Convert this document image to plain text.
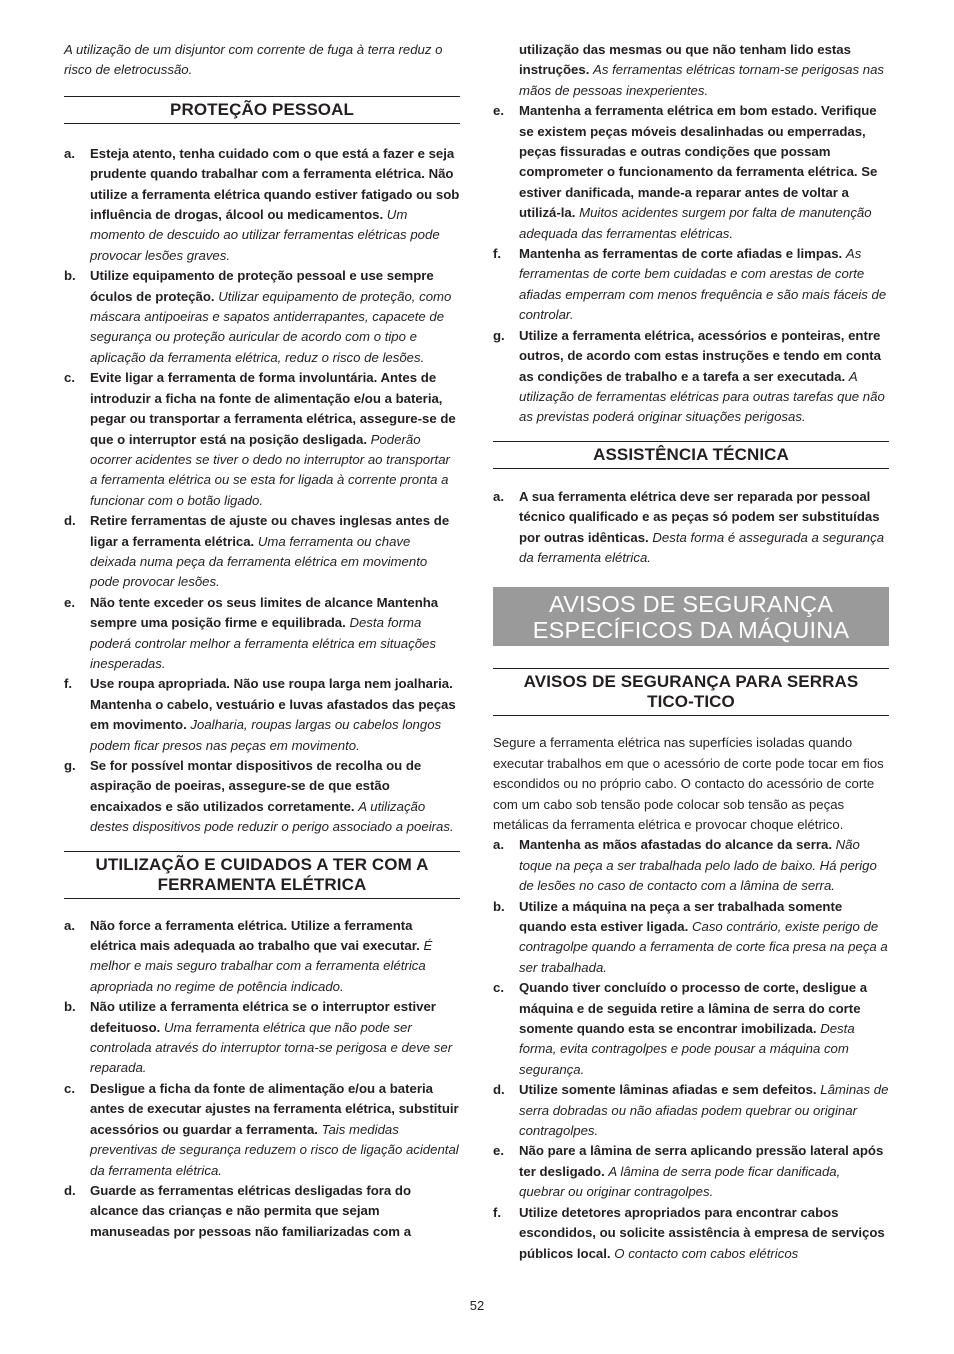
A utilização de um disjuntor com corrente de fuga à terra reduz o risco de eletrocussão.

PROTEÇÃO PESSOAL
a.	Esteja atento, tenha cuidado com o que está a fazer e seja prudente quando trabalhar com a ferramenta elétrica. Não utilize a ferramenta elétrica quando estiver fatigado ou sob influência de drogas, álcool ou medicamentos. Um momento de descuido ao utilizar ferramentas elétricas pode provocar lesões graves.
b.	Utilize equipamento de proteção pessoal e use sempre óculos de proteção. Utilizar equipamento de proteção, como máscara antipoeiras e sapatos antiderrapantes, capacete de segurança ou proteção auricular de acordo com o tipo e aplicação da ferramenta elétrica, reduz o risco de lesões.
c.	Evite ligar a ferramenta de forma involuntária. Antes de introduzir a ficha na fonte de alimentação e/ou a bateria, pegar ou transportar a ferramenta elétrica, assegure-se de que o interruptor está na posição desligada. Poderão ocorrer acidentes se tiver o dedo no interruptor ao transportar a ferramenta elétrica ou se esta for ligada à corrente pronta a funcionar com o botão ligado.
d.	Retire ferramentas de ajuste ou chaves inglesas antes de ligar a ferramenta elétrica. Uma ferramenta ou chave deixada numa peça da ferramenta elétrica em movimento pode provocar lesões.
e.	Não tente exceder os seus limites de alcance Mantenha sempre uma posição firme e equilibrada. Desta forma poderá controlar melhor a ferramenta elétrica em situações inesperadas.
f.	Use roupa apropriada. Não use roupa larga nem joalharia. Mantenha o cabelo, vestuário e luvas afastados das peças em movimento. Joalharia, roupas largas ou cabelos longos podem ficar presos nas peças em movimento.
g.	Se for possível montar dispositivos de recolha ou de aspiração de poeiras, assegure-se de que estão encaixados e são utilizados corretamente. A utilização destes dispositivos pode reduzir o perigo associado a poeiras.
UTILIZAÇÃO E CUIDADOS A TER COM A
FERRAMENTA ELÉTRICA
a.	Não force a ferramenta elétrica. Utilize a ferramenta elétrica mais adequada ao trabalho que vai executar. É melhor e mais seguro trabalhar com a ferramenta elétrica apropriada no regime de potência indicado.
b.	Não utilize a ferramenta elétrica se o interruptor estiver defeituoso. Uma ferramenta elétrica que não pode ser controlada através do interruptor torna-se perigosa e deve ser reparada.
c.	Desligue a ficha da fonte de alimentação e/ou a bateria antes de executar ajustes na ferramenta elétrica, substituir acessórios ou guardar a ferramenta. Tais medidas preventivas de segurança reduzem o risco de ligação acidental da ferramenta elétrica.
d.	Guarde as ferramentas elétricas desligadas fora do alcance das crianças e não permita que sejam manuseadas por pessoas não familiarizadas com a
utilização das mesmas ou que não tenham lido estas instruções. As ferramentas elétricas tornam-se perigosas nas mãos de pessoas inexperientes.
e.	Mantenha a ferramenta elétrica em bom estado. Verifique se existem peças móveis desalinhadas ou emperradas, peças fissuradas e outras condições que possam comprometer o funcionamento da ferramenta elétrica. Se estiver danificada, mande-a reparar antes de voltar a utilizá-la. Muitos acidentes surgem por falta de manutenção adequada das ferramentas elétricas.
f.	Mantenha as ferramentas de corte afiadas e limpas. As ferramentas de corte bem cuidadas e com arestas de corte afiadas emperram com menos frequência e são mais fáceis de controlar.
g.	Utilize a ferramenta elétrica, acessórios e ponteiras, entre outros, de acordo com estas instruções e tendo em conta as condições de trabalho e a tarefa a ser executada. A utilização de ferramentas elétricas para outras tarefas que não as previstas poderá originar situações perigosas.
ASSISTÊNCIA TÉCNICA
a.	A sua ferramenta elétrica deve ser reparada por pessoal técnico qualificado e as peças só podem ser substituídas por outras idênticas. Desta forma é assegurada a segurança da ferramenta elétrica.
AVISOS DE SEGURANÇA
ESPECÍFICOS DA MÁQUINA
AVISOS DE SEGURANÇA PARA SERRAS
TICO-TICO

Segure a ferramenta elétrica nas superfícies isoladas quando executar trabalhos em que o acessório de corte pode tocar em fios escondidos ou no próprio cabo. O contacto do acessório de corte com um cabo sob tensão pode colocar sob tensão as peças metálicas da ferramenta elétrica e provocar choque elétrico.

a.	Mantenha as mãos afastadas do alcance da serra. Não toque na peça a ser trabalhada pelo lado de baixo. Há perigo de lesões no caso de contacto com a lâmina de serra.
b.	Utilize a máquina na peça a ser trabalhada somente quando esta estiver ligada. Caso contrário, existe perigo de contragolpe quando a ferramenta de corte fica presa na peça a ser trabalhada.
c.	Quando tiver concluído o processo de corte, desligue a máquina e de seguida retire a lâmina de serra do corte somente quando esta se encontrar imobilizada. Desta forma, evita contragolpes e pode pousar a máquina com segurança.
d.	Utilize somente lâminas afiadas e sem defeitos. Lâminas de serra dobradas ou não afiadas podem quebrar ou originar contragolpes.
e.	Não pare a lâmina de serra aplicando pressão lateral após ter desligado. A lâmina de serra pode ficar danificada, quebrar ou originar contragolpes.
f.	Utilize detetores apropriados para encontrar cabos escondidos, ou solicite assistência à empresa de serviços públicos local. O contacto com cabos elétricos
52
